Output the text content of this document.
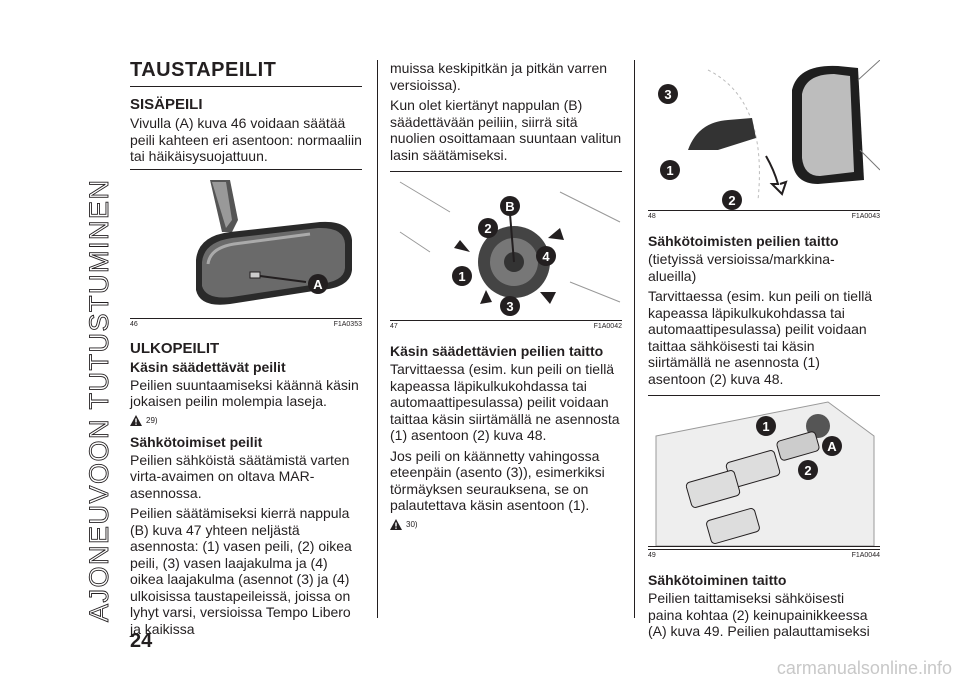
AJONEUVOON TUTUSTUMINEN
TAUSTAPEILIT
SISÄPEILI

Vivulla (A) kuva 46 voidaan säätää peili kahteen eri asentoon: normaaliin tai häikäisysuojattuun.

A
46	F1A0353
ULKOPEILIT
Käsin säädettävät peilit

Peilien suuntaamiseksi käännä käsin jokaisen peilin molempia laseja.

29)
Sähkötoimiset peilit

Peilien sähköistä säätämistä varten virta-avaimen on oltava MAR-asennossa.

Peilien säätämiseksi kierrä nappula (B) kuva 47 yhteen neljästä asennosta: (1) vasen peili, (2) oikea peili, (3) vasen laajakulma ja (4) oikea laajakulma (asennot (3) ja (4) ulkoisissa taustapeileissä, joissa on lyhyt varsi, versioissa Tempo Libero ja kaikissa

muissa keskipitkän ja pitkän varren versioissa).

Kun olet kiertänyt nappulan (B) säädettävään peiliin, siirrä sitä nuolien osoittamaan suuntaan valitun lasin säätämiseksi.

B
2
4
1
3
47	F1A0042
Käsin säädettävien peilien taitto

Tarvittaessa (esim. kun peili on tiellä kapeassa läpikulkukohdassa tai automaattipesulassa) peilit voidaan taittaa käsin siirtämällä ne asennosta (1) asentoon (2) kuva 48.

Jos peili on käännetty vahingossa eteenpäin (asento (3)), esimerkiksi törmäyksen seurauksena, se on palautettava käsin asentoon (1).

30)
3
1
2
48	F1A0043
Sähkötoimisten peilien taitto

(tietyissä versioissa/markkina-alueilla)

Tarvittaessa (esim. kun peili on tiellä kapeassa läpikulkukohdassa tai automaattipesulassa) peilit voidaan taittaa sähköisesti tai käsin siirtämällä ne asennosta (1) asentoon (2) kuva 48.

1
A
2
49	F1A0044
Sähkötoiminen taitto

Peilien taittamiseksi sähköisesti paina kohtaa (2) keinupainikkeessa (A) kuva 49. Peilien palauttamiseksi

24
carmanualsonline.info
